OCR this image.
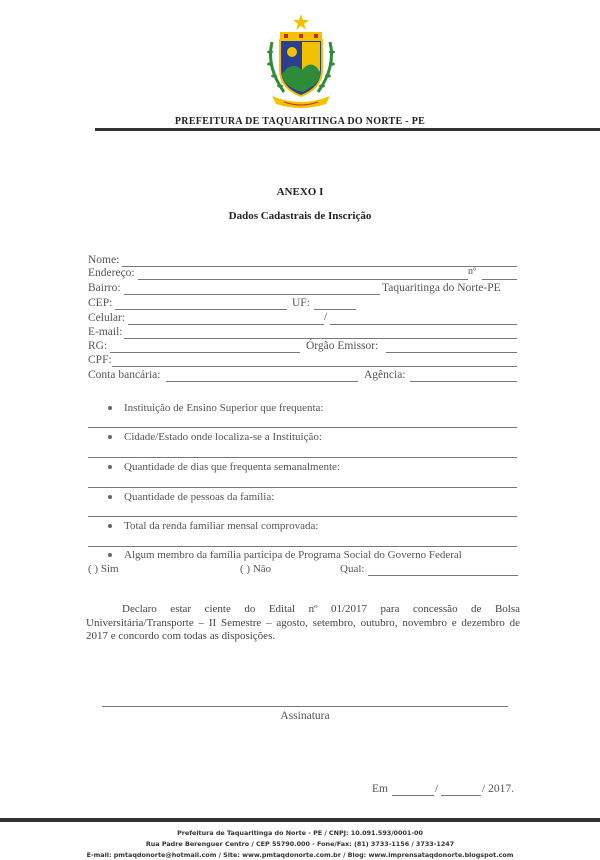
PREFEITURA DE TAQUARITINGA DO NORTE - PE
ANEXO I
Dados Cadastrais de Inscrição
Nome:
Endereço:	nº
Bairro:	Taquaritinga do Norte-PE
CEP:	UF:
Celular:	/
E-mail:
RG:	Órgão Emissor:
CPF:
Conta bancária:	Agência:
Instituição de Ensino Superior que frequenta:
Cidade/Estado onde localiza-se a Instituição:
Quantidade de dias que frequenta semanalmente:
Quantidade de pessoas da família:
Total da renda familiar mensal comprovada:
Algum membro da família participa de Programa Social do Governo Federal
( ) Sim	( ) Não	Qual:

Declaro estar ciente do Edital nº 01/2017 para concessão de Bolsa Universitária/Transporte – II Semestre – agosto, setembro, outubro, novembro e dezembro de 2017 e concordo com todas as disposições.

Assinatura
Em	/	/ 2017.
Prefeitura de Taquaritinga do Norte - PE / CNPJ: 10.091.593/0001-00
Rua Padre Berenguer Centro / CEP 55790.000 - Fone/Fax: (81) 3733-1156 / 3733-1247
E-mail: pmtaqdonorte@hotmail.com / Site: www.pmtaqdonorte.com.br / Blog: www.imprensataqdonorte.blogspot.com
